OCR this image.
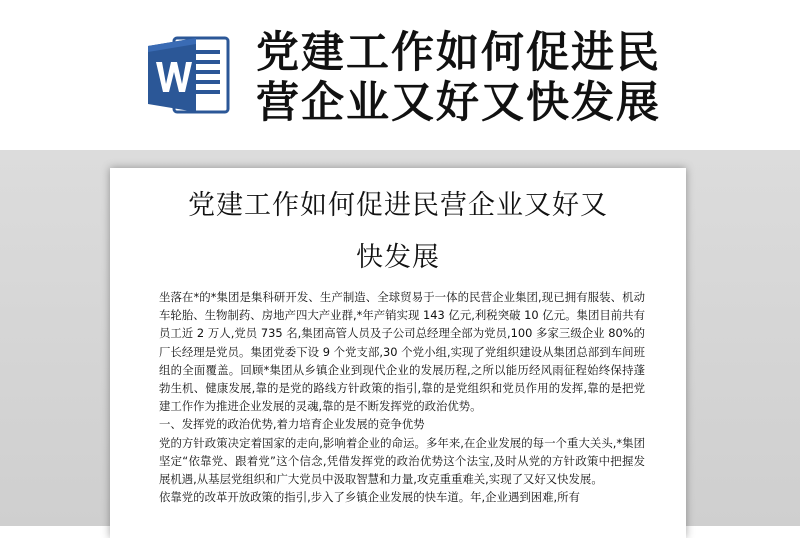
党建工作如何促进民
营企业又好又快发展
党建工作如何促进民营企业又好又
快发展

坐落在*的*集团是集科研开发、生产制造、全球贸易于一体的民营企业集团,现已拥有服装、机动车轮胎、生物制药、房地产四大产业群,*年产销实现 143 亿元,利税突破 10 亿元。集团目前共有员工近 2 万人,党员 735 名,集团高管人员及子公司总经理全部为党员,100 多家三级企业 80%的厂长经理是党员。集团党委下设 9 个党支部,30 个党小组,实现了党组织建设从集团总部到车间班组的全面覆盖。回顾*集团从乡镇企业到现代企业的发展历程,之所以能历经风雨征程始终保持蓬勃生机、健康发展,靠的是党的路线方针政策的指引,靠的是党组织和党员作用的发挥,靠的是把党建工作作为推进企业发展的灵魂,靠的是不断发挥党的政治优势。

一、发挥党的政治优势,着力培育企业发展的竞争优势

党的方针政策决定着国家的走向,影响着企业的命运。多年来,在企业发展的每一个重大关头,*集团坚定“依靠党、跟着党”这个信念,凭借发挥党的政治优势这个法宝,及时从党的方针政策中把握发展机遇,从基层党组织和广大党员中汲取智慧和力量,攻克重重难关,实现了又好又快发展。

依靠党的改革开放政策的指引,步入了乡镇企业发展的快车道。年,企业遇到困难,所有
